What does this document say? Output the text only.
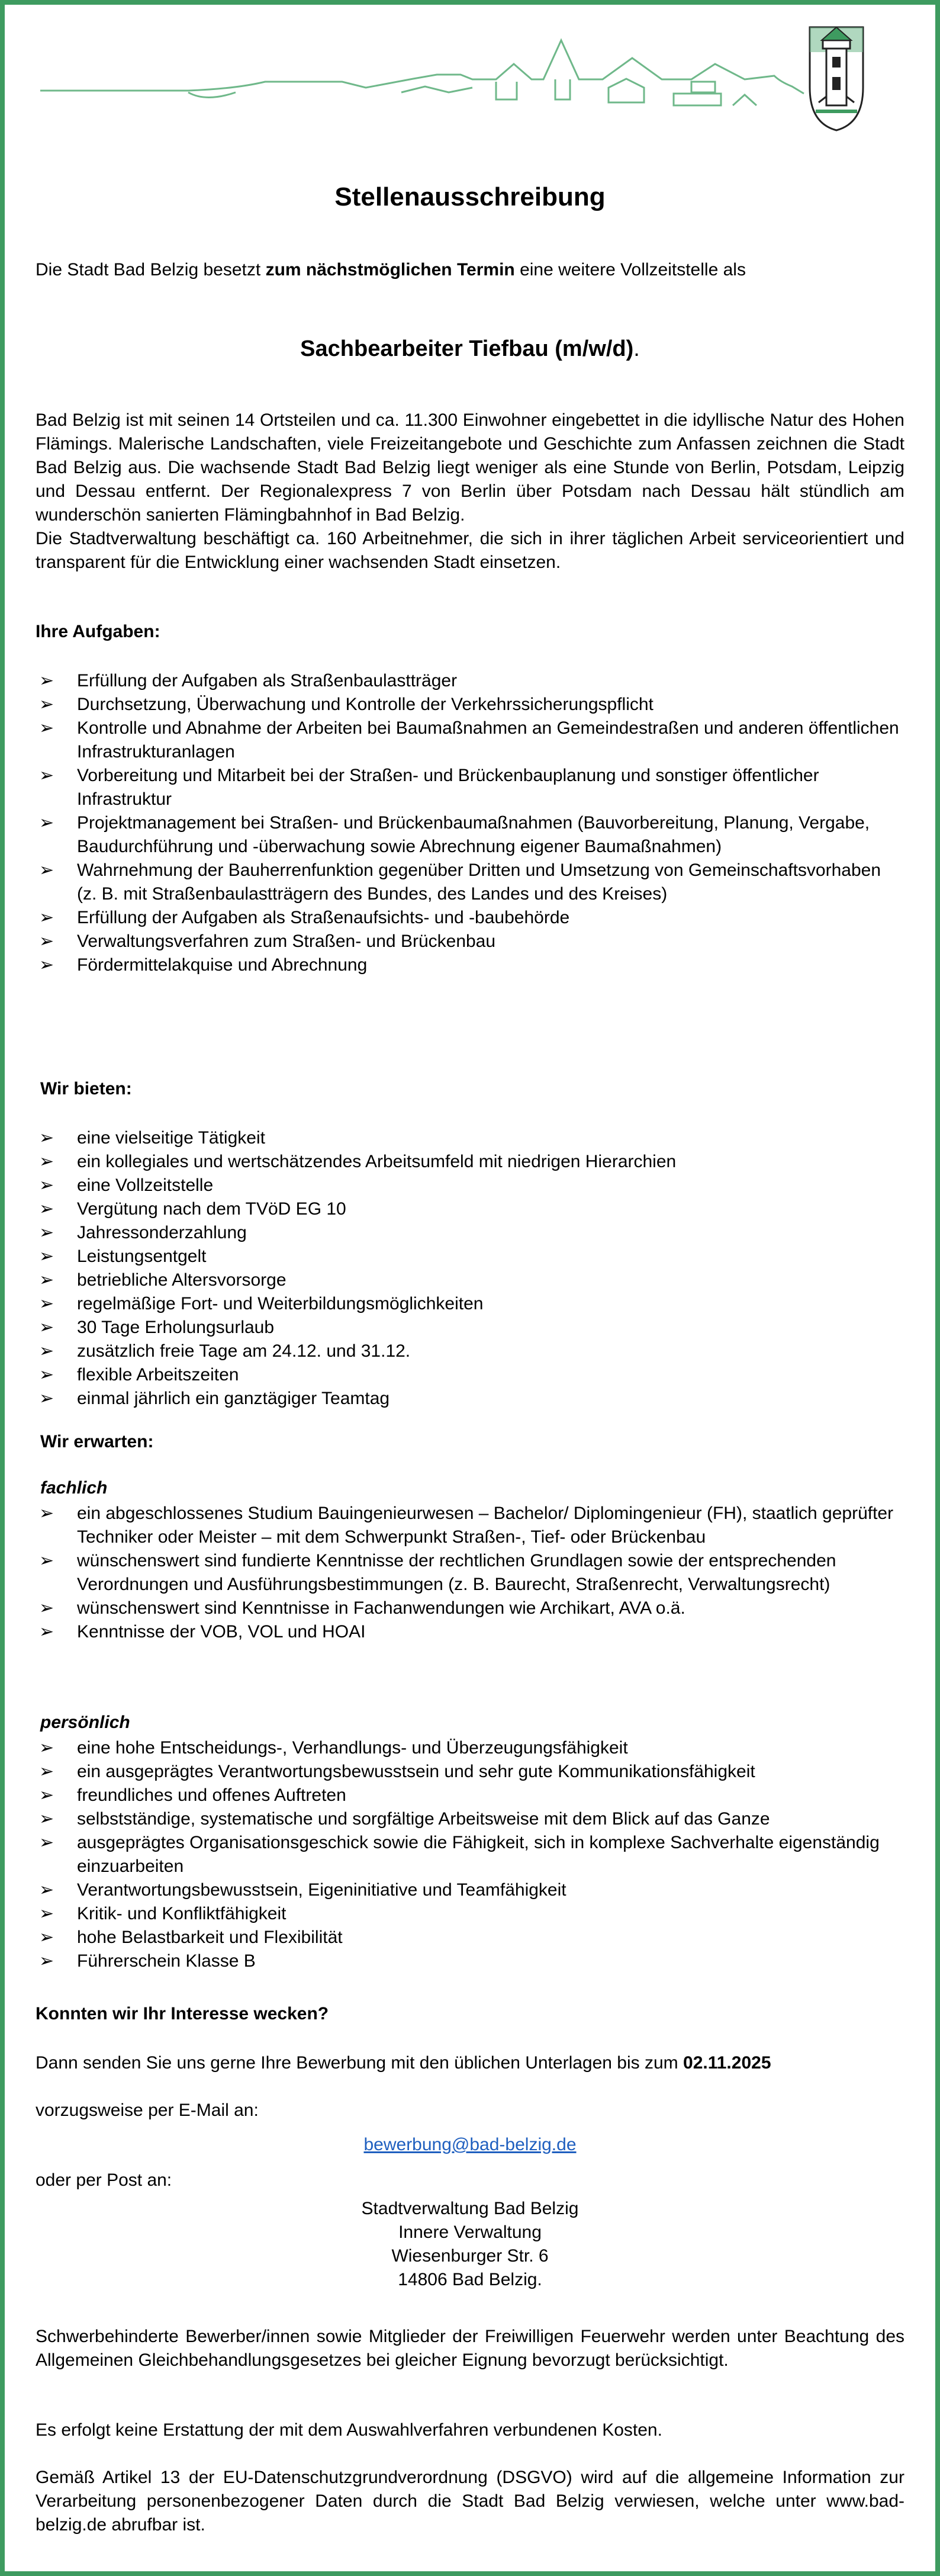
Stellenausschreibung
Die Stadt Bad Belzig besetzt zum nächstmöglichen Termin eine weitere Vollzeitstelle als
Sachbearbeiter Tiefbau (m/w/d).

Bad Belzig ist mit seinen 14 Ortsteilen und ca. 11.300 Einwohner eingebettet in die idyllische Natur des Hohen Flämings. Malerische Landschaften, viele Freizeitangebote und Geschichte zum Anfassen zeichnen die Stadt Bad Belzig aus. Die wachsende Stadt Bad Belzig liegt weniger als eine Stunde von Berlin, Potsdam, Leipzig und Dessau entfernt. Der Regionalexpress 7 von Berlin über Potsdam nach Dessau hält stündlich am wunderschön sanierten Flämingbahnhof in Bad Belzig.

Die Stadtverwaltung beschäftigt ca. 160 Arbeitnehmer, die sich in ihrer täglichen Arbeit serviceorientiert und transparent für die Entwicklung einer wachsenden Stadt einsetzen.

Ihre Aufgaben:
➢ Erfüllung der Aufgaben als Straßenbaulastträger
➢ Durchsetzung, Überwachung und Kontrolle der Verkehrssicherungspflicht
➢ Kontrolle und Abnahme der Arbeiten bei Baumaßnahmen an Gemeindestraßen und anderen öffentlichen Infrastrukturanlagen
➢ Vorbereitung und Mitarbeit bei der Straßen- und Brückenbauplanung und sonstiger öffentlicher Infrastruktur
➢ Projektmanagement bei Straßen- und Brückenbaumaßnahmen (Bauvorbereitung, Planung, Vergabe, Baudurchführung und -überwachung sowie Abrechnung eigener Baumaßnahmen)
➢ Wahrnehmung der Bauherrenfunktion gegenüber Dritten und Umsetzung von Gemeinschaftsvorhaben (z. B. mit Straßenbaulastträgern des Bundes, des Landes und des Kreises)
➢ Erfüllung der Aufgaben als Straßenaufsichts- und -baubehörde
➢ Verwaltungsverfahren zum Straßen- und Brückenbau
➢ Fördermittelakquise und Abrechnung
Wir bieten:
➢ eine vielseitige Tätigkeit
➢ ein kollegiales und wertschätzendes Arbeitsumfeld mit niedrigen Hierarchien
➢ eine Vollzeitstelle
➢ Vergütung nach dem TVöD EG 10
➢ Jahressonderzahlung
➢ Leistungsentgelt
➢ betriebliche Altersvorsorge
➢ regelmäßige Fort- und Weiterbildungsmöglichkeiten
➢ 30 Tage Erholungsurlaub
➢ zusätzlich freie Tage am 24.12. und 31.12.
➢ flexible Arbeitszeiten
➢ einmal jährlich ein ganztägiger Teamtag
Wir erwarten:
fachlich
➢ ein abgeschlossenes Studium Bauingenieurwesen – Bachelor/ Diplomingenieur (FH), staatlich geprüfter Techniker oder Meister – mit dem Schwerpunkt Straßen-, Tief- oder Brückenbau
➢ wünschenswert sind fundierte Kenntnisse der rechtlichen Grundlagen sowie der entsprechenden Verordnungen und Ausführungsbestimmungen (z. B. Baurecht, Straßenrecht, Verwaltungsrecht)
➢ wünschenswert sind Kenntnisse in Fachanwendungen wie Archikart, AVA o.ä.
➢ Kenntnisse der VOB, VOL und HOAI
persönlich
➢ eine hohe Entscheidungs-, Verhandlungs- und Überzeugungsfähigkeit
➢ ein ausgeprägtes Verantwortungsbewusstsein und sehr gute Kommunikationsfähigkeit
➢ freundliches und offenes Auftreten
➢ selbstständige, systematische und sorgfältige Arbeitsweise mit dem Blick auf das Ganze
➢ ausgeprägtes Organisationsgeschick sowie die Fähigkeit, sich in komplexe Sachverhalte eigenständig einzuarbeiten
➢ Verantwortungsbewusstsein, Eigeninitiative und Teamfähigkeit
➢ Kritik- und Konfliktfähigkeit
➢ hohe Belastbarkeit und Flexibilität
➢ Führerschein Klasse B
Konnten wir Ihr Interesse wecken?
Dann senden Sie uns gerne Ihre Bewerbung mit den üblichen Unterlagen bis zum 02.11.2025
vorzugsweise per E-Mail an:
bewerbung@bad-belzig.de
oder per Post an:
Stadtverwaltung Bad Belzig
Innere Verwaltung
Wiesenburger Str. 6
14806 Bad Belzig.

Schwerbehinderte Bewerber/innen sowie Mitglieder der Freiwilligen Feuerwehr werden unter Beachtung des Allgemeinen Gleichbehandlungsgesetzes bei gleicher Eignung bevorzugt berücksichtigt.

Es erfolgt keine Erstattung der mit dem Auswahlverfahren verbundenen Kosten.

Gemäß Artikel 13 der EU-Datenschutzgrundverordnung (DSGVO) wird auf die allgemeine Information zur Verarbeitung personenbezogener Daten durch die Stadt Bad Belzig verwiesen, welche unter www.bad-belzig.de abrufbar ist.
